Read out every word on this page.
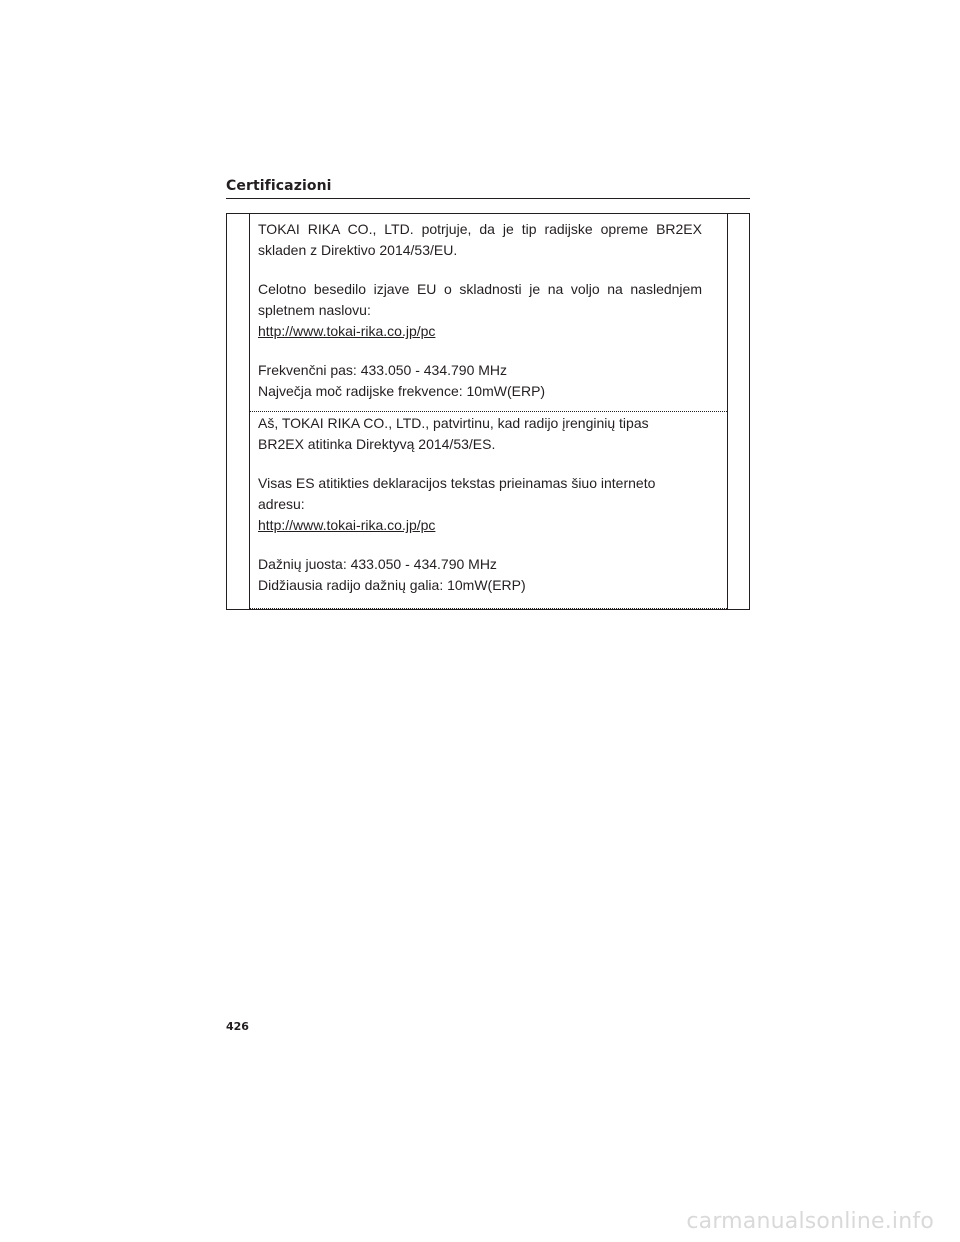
Certificazioni

TOKAI RIKA CO., LTD. potrjuje, da je tip radijske opreme BR2EX skladen z Direktivo 2014/53/EU.

Celotno besedilo izjave EU o skladnosti je na voljo na naslednjem spletnem naslovu:
http://www.tokai-rika.co.jp/pc

Frekvenčni pas: 433.050 - 434.790 MHz
Največja moč radijske frekvence: 10mW(ERP)

Aš, TOKAI RIKA CO., LTD., patvirtinu, kad radijo įrenginių tipas BR2EX atitinka Direktyvą 2014/53/ES.

Visas ES atitikties deklaracijos tekstas prieinamas šiuo interneto adresu:
http://www.tokai-rika.co.jp/pc

Dažnių juosta: 433.050 - 434.790 MHz
Didžiausia radijo dažnių galia: 10mW(ERP)

426
carmanualsonline.info
